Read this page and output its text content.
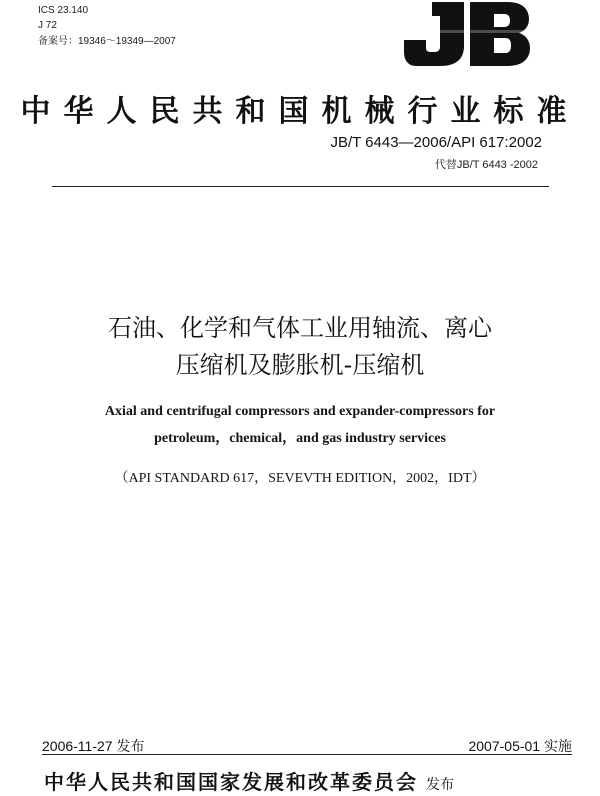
ICS 23.140
J 72
备案号：19346～19349—2007
中华人民共和国机械行业标准
JB/T 6443—2006/API 617:2002
代替JB/T 6443 -2002
石油、化学和气体工业用轴流、离心
压缩机及膨胀机-压缩机
Axial and centrifugal compressors and expander-compressors for
petroleum，chemical，and gas industry services
（API STANDARD 617，SEVEVTH EDITION，2002，IDT）
2006-11-27 发布	2007-05-01 实施
中华人民共和国国家发展和改革委员会 发布
